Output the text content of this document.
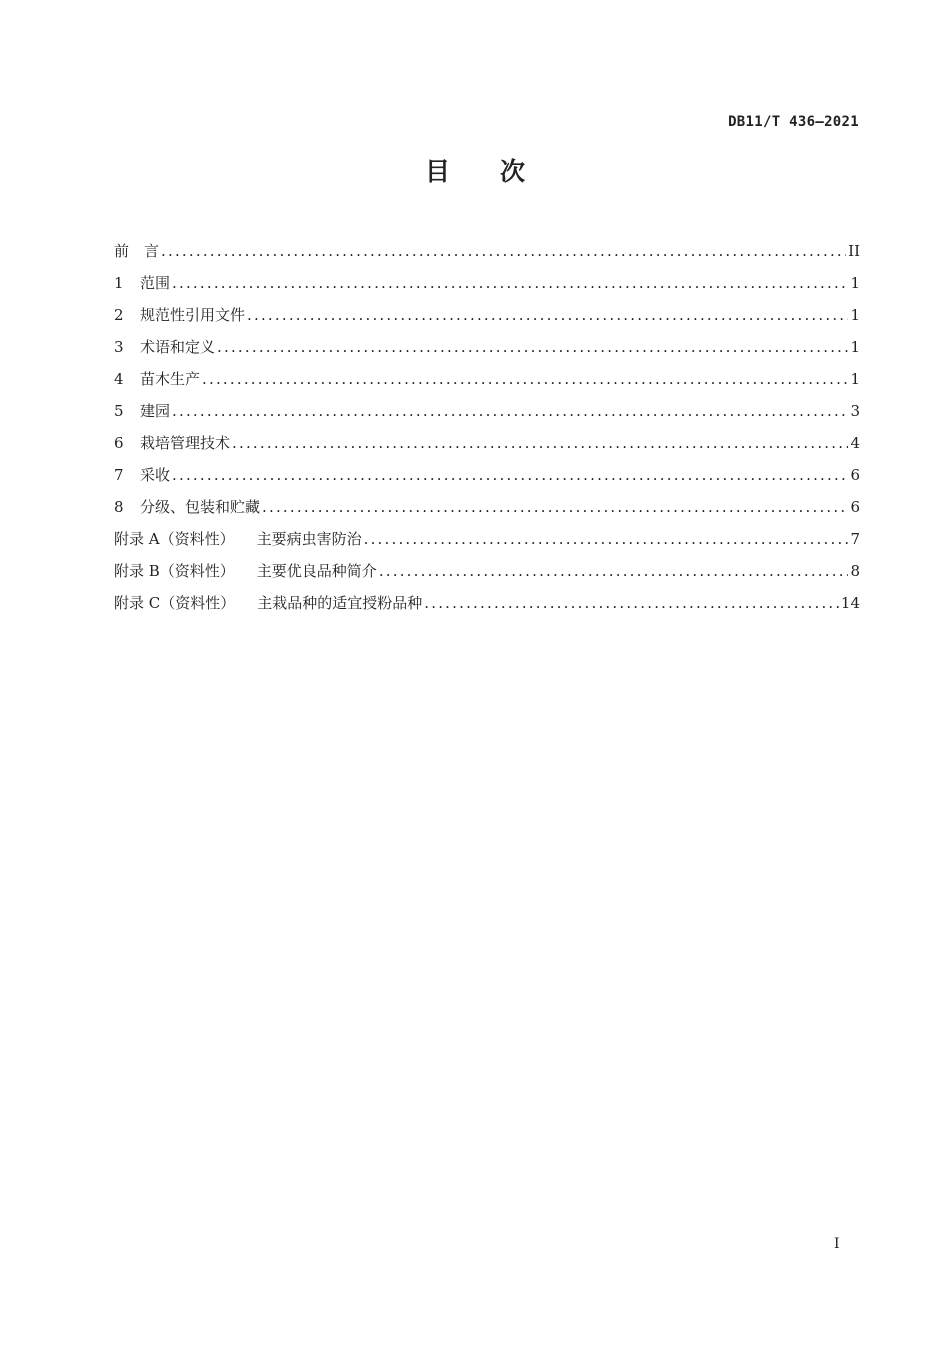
DB11/T 436—2021
目 次
前　言 .....	II
1	范围 .....	1
2	规范性引用文件 .....	1
3	术语和定义 .....	1
4	苗木生产 .....	1
5	建园 .....	3
6	栽培管理技术 .....	4
7	采收 .....	6
8	分级、包装和贮藏 .....	6
附录 A（资料性） 主要病虫害防治 .....	7
附录 B（资料性） 主要优良品种简介 .....	8
附录 C（资料性） 主栽品种的适宜授粉品种 .....	14
I
